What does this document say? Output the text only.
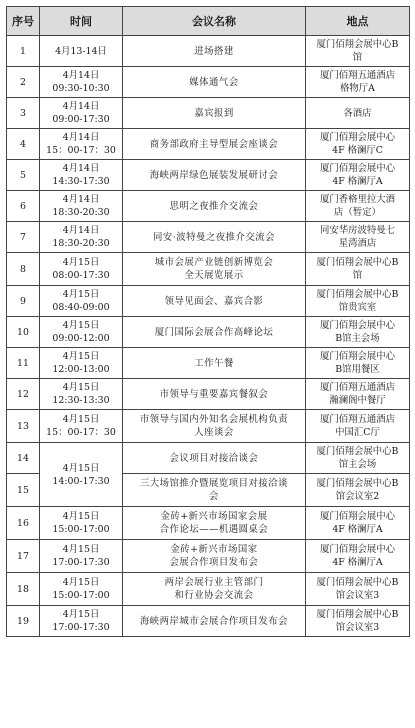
序号	时间	会议名称	地点
1	4月13-14日	进场搭建	厦门佰翔会展中心B
馆
2	4月14日
09:30-10:30	媒体通气会	厦门佰翔五通酒店
格物厅A
3	4月14日
09:00-17:30	嘉宾报到	各酒店
4	4月14日
15：00-17：30	商务部政府主导型展会座谈会	厦门佰翔会展中心
4F 格澜厅C
5	4月14日
14:30-17:30	海峡两岸绿色展装发展研讨会	厦门佰翔会展中心
4F 格澜厅A
6	4月14日
18:30-20:30	思明之夜推介交流会	厦门香格里拉大酒
店（暂定）
7	4月14日
18:30-20:30	同安·波特曼之夜推介交流会	同安华房波特曼七
星湾酒店
8	4月15日
08:00-17:30	城市会展产业链创新博览会
全天展览展示	厦门佰翔会展中心B
馆
9	4月15日
08:40-09:00	领导见面会、嘉宾合影	厦门佰翔会展中心B
馆贵宾室
10	4月15日
09:00-12:00	厦门国际会展合作高峰论坛	厦门佰翔会展中心
B馆主会场
11	4月15日
12:00-13:00	工作午餐	厦门佰翔会展中心
B馆用餐区
12	4月15日
12:30-13:30	市领导与重要嘉宾餐叙会	厦门佰翔五通酒店
瀚澜阁中餐厅
13	4月15日
15：00-17：30	市领导与国内外知名会展机构负责
人座谈会	厦门佰翔五通酒店
中国汇C厅
14	4月15日
14:00-17:30	会议项目对接洽谈会	厦门佰翔会展中心B
馆主会场
15		三大场馆推介暨展览项目对接洽谈
会	厦门佰翔会展中心B
馆会议室2
16	4月15日
15:00-17:00	金砖+新兴市场国家会展
合作论坛——机遇圆桌会	厦门佰翔会展中心
4F 格澜厅A
17	4月15日
17:00-17:30	金砖+新兴市场国家
会展合作项目发布会	厦门佰翔会展中心
4F 格澜厅A
18	4月15日
15:00-17:00	两岸会展行业主管部门
和行业协会交流会	厦门佰翔会展中心B
馆会议室3
19	4月15日
17:00-17:30	海峡两岸城市会展合作项目发布会	厦门佰翔会展中心B
馆会议室3
